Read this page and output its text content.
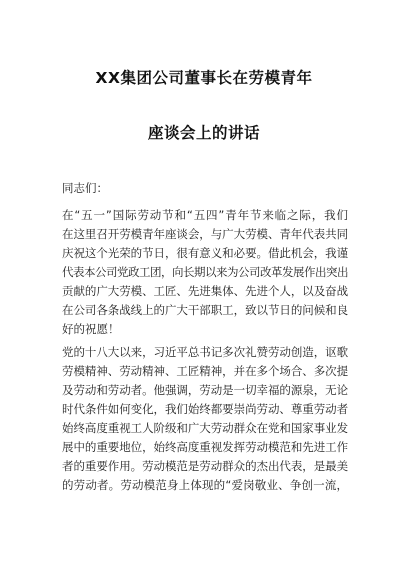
XX集团公司董事长在劳模青年
座谈会上的讲话
同志们：
在“五一”国际劳动节和“五四”青年节来临之际，我们
在这里召开劳模青年座谈会，与广大劳模、青年代表共同
庆祝这个光荣的节日，很有意义和必要。借此机会，我谨
代表本公司党政工团，向长期以来为公司改革发展作出突出
贡献的广大劳模、工匠、先进集体、先进个人，以及奋战
在公司各条战线上的广大干部职工，致以节日的问候和良
好的祝愿！
党的十八大以来，习近平总书记多次礼赞劳动创造，讴歌
劳模精神、劳动精神、工匠精神，并在多个场合、多次提
及劳动和劳动者。他强调，劳动是一切幸福的源泉，无论
时代条件如何变化，我们始终都要崇尚劳动、尊重劳动者
始终高度重视工人阶级和广大劳动群众在党和国家事业发
展中的重要地位，始终高度重视发挥劳动模范和先进工作
者的重要作用。劳动模范是劳动群众的杰出代表，是最美
的劳动者。劳动模范身上体现的“爱岗敬业、争创一流，
